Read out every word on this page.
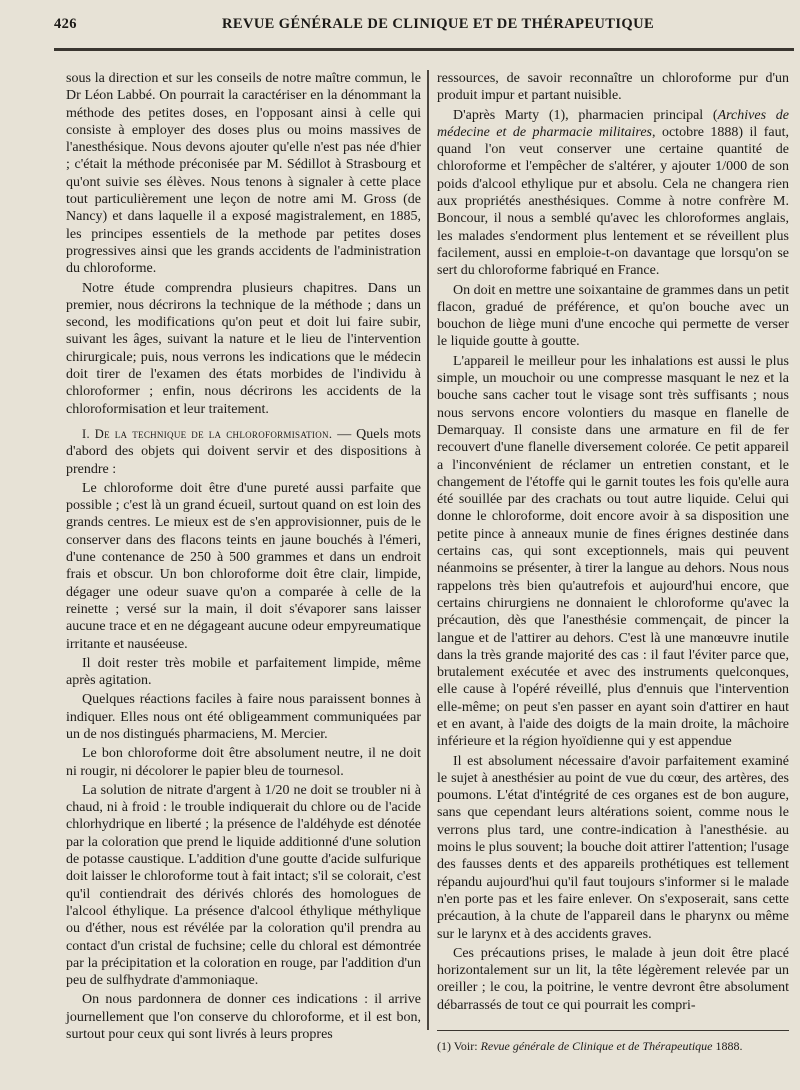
426	REVUE GÉNÉRALE DE CLINIQUE ET DE THÉRAPEUTIQUE

sous la direction et sur les conseils de notre maître commun, le Dr Léon Labbé. On pourrait la caractériser en la dénommant la méthode des petites doses, en l'opposant ainsi à celle qui consiste à employer des doses plus ou moins massives de l'anesthésique. Nous devons ajouter qu'elle n'est pas née d'hier ; c'était la méthode préconisée par M. Sédillot à Strasbourg et qu'ont suivie ses élèves. Nous tenons à signaler à cette place tout particulièrement une leçon de notre ami M. Gross (de Nancy) et dans laquelle il a exposé magistralement, en 1885, les principes essentiels de la methode par petites doses progressives ainsi que les grands accidents de l'administration du chloroforme.

Notre étude comprendra plusieurs chapitres. Dans un premier, nous décrirons la technique de la méthode ; dans un second, les modifications qu'on peut et doit lui faire subir, suivant les âges, suivant la nature et le lieu de l'intervention chirurgicale; puis, nous verrons les indications que le médecin doit tirer de l'examen des états morbides de l'individu à chloroformer ; enfin, nous décrirons les accidents de la chloroformisation et leur traitement.

I. De la technique de la chloroformisation. — Quels mots d'abord des objets qui doivent servir et des dispositions à prendre :

Le chloroforme doit être d'une pureté aussi parfaite que possible ; c'est là un grand écueil, surtout quand on est loin des grands centres. Le mieux est de s'en approvisionner, puis de le conserver dans des flacons teints en jaune bouchés à l'émeri, d'une contenance de 250 à 500 grammes et dans un endroit frais et obscur. Un bon chloroforme doit être clair, limpide, dégager une odeur suave qu'on a comparée à celle de la reinette ; versé sur la main, il doit s'évaporer sans laisser aucune trace et en ne dégageant aucune odeur empyreumatique irritante et nauséeuse.

Il doit rester très mobile et parfaitement limpide, même après agitation.

Quelques réactions faciles à faire nous paraissent bonnes à indiquer. Elles nous ont été obligeamment communiquées par un de nos distingués pharmaciens, M. Mercier.

Le bon chloroforme doit être absolument neutre, il ne doit ni rougir, ni décolorer le papier bleu de tournesol.

La solution de nitrate d'argent à 1/20 ne doit se troubler ni à chaud, ni à froid : le trouble indiquerait du chlore ou de l'acide chlorhydrique en liberté ; la présence de l'aldéhyde est dénotée par la coloration que prend le liquide additionné d'une solution de potasse caustique. L'addition d'une goutte d'acide sulfurique doit laisser le chloroforme tout à fait intact; s'il se colorait, c'est qu'il contiendrait des dérivés chlorés des homologues de l'alcool éthylique. La présence d'alcool éthylique méthylique ou d'éther, nous est révélée par la coloration qu'il prendra au contact d'un cristal de fuchsine; celle du chloral est démontrée par la précipitation et la coloration en rouge, par l'addition d'un peu de sulfhydrate d'ammoniaque.

On nous pardonnera de donner ces indications : il arrive journellement que l'on conserve du chloroforme, et il est bon, surtout pour ceux qui sont livrés à leurs propres

ressources, de savoir reconnaître un chloroforme pur d'un produit impur et partant nuisible.

D'après Marty (1), pharmacien principal (Archives de médecine et de pharmacie militaires, octobre 1888) il faut, quand l'on veut conserver une certaine quantité de chloroforme et l'empêcher de s'altérer, y ajouter 1/000 de son poids d'alcool ethylique pur et absolu. Cela ne changera rien aux propriétés anesthésiques. Comme à notre confrère M. Boncour, il nous a semblé qu'avec les chloroformes anglais, les malades s'endorment plus lentement et se réveillent plus facilement, aussi en emploie-t-on davantage que lorsqu'on se sert du chloroforme fabriqué en France.

On doit en mettre une soixantaine de grammes dans un petit flacon, gradué de préférence, et qu'on bouche avec un bouchon de liège muni d'une encoche qui permette de verser le liquide goutte à goutte.

L'appareil le meilleur pour les inhalations est aussi le plus simple, un mouchoir ou une compresse masquant le nez et la bouche sans cacher tout le visage sont très suffisants ; nous nous servons encore volontiers du masque en flanelle de Demarquay. Il consiste dans une armature en fil de fer recouvert d'une flanelle diversement colorée. Ce petit appareil a l'inconvénient de réclamer un entretien constant, et le changement de l'étoffe qui le garnit toutes les fois qu'elle aura été souillée par des crachats ou tout autre liquide. Celui qui donne le chloroforme, doit encore avoir à sa disposition une petite pince à anneaux munie de fines érignes destinée dans certains cas, qui sont exceptionnels, mais qui peuvent néanmoins se présenter, à tirer la langue au dehors. Nous nous rappelons très bien qu'autrefois et aujourd'hui encore, que certains chirurgiens ne donnaient le chloroforme qu'avec la précaution, dès que l'anesthésie commençait, de pincer la langue et de l'attirer au dehors. C'est là une manœuvre inutile dans la très grande majorité des cas : il faut l'éviter parce que, brutalement exécutée et avec des instruments quelconques, elle cause à l'opéré réveillé, plus d'ennuis que l'intervention elle-même; on peut s'en passer en ayant soin d'attirer en haut et en avant, à l'aide des doigts de la main droite, la mâchoire inférieure et la région hyoïdienne qui y est appendue

Il est absolument nécessaire d'avoir parfaitement examiné le sujet à anesthésier au point de vue du cœur, des artères, des poumons. L'état d'intégrité de ces organes est de bon augure, sans que cependant leurs altérations soient, comme nous le verrons plus tard, une contre-indication à l'anesthésie. au moins le plus souvent; la bouche doit attirer l'attention; l'usage des fausses dents et des appareils prothétiques est tellement répandu aujourd'hui qu'il faut toujours s'informer si le malade n'en porte pas et les faire enlever. On s'exposerait, sans cette précaution, à la chute de l'appareil dans le pharynx ou même sur le larynx et à des accidents graves.

Ces précautions prises, le malade à jeun doit être placé horizontalement sur un lit, la tête légèrement relevée par un oreiller ; le cou, la poitrine, le ventre devront être absolument débarrassés de tout ce qui pourrait les compri-

(1) Voir: Revue générale de Clinique et de Thérapeutique 1888.
